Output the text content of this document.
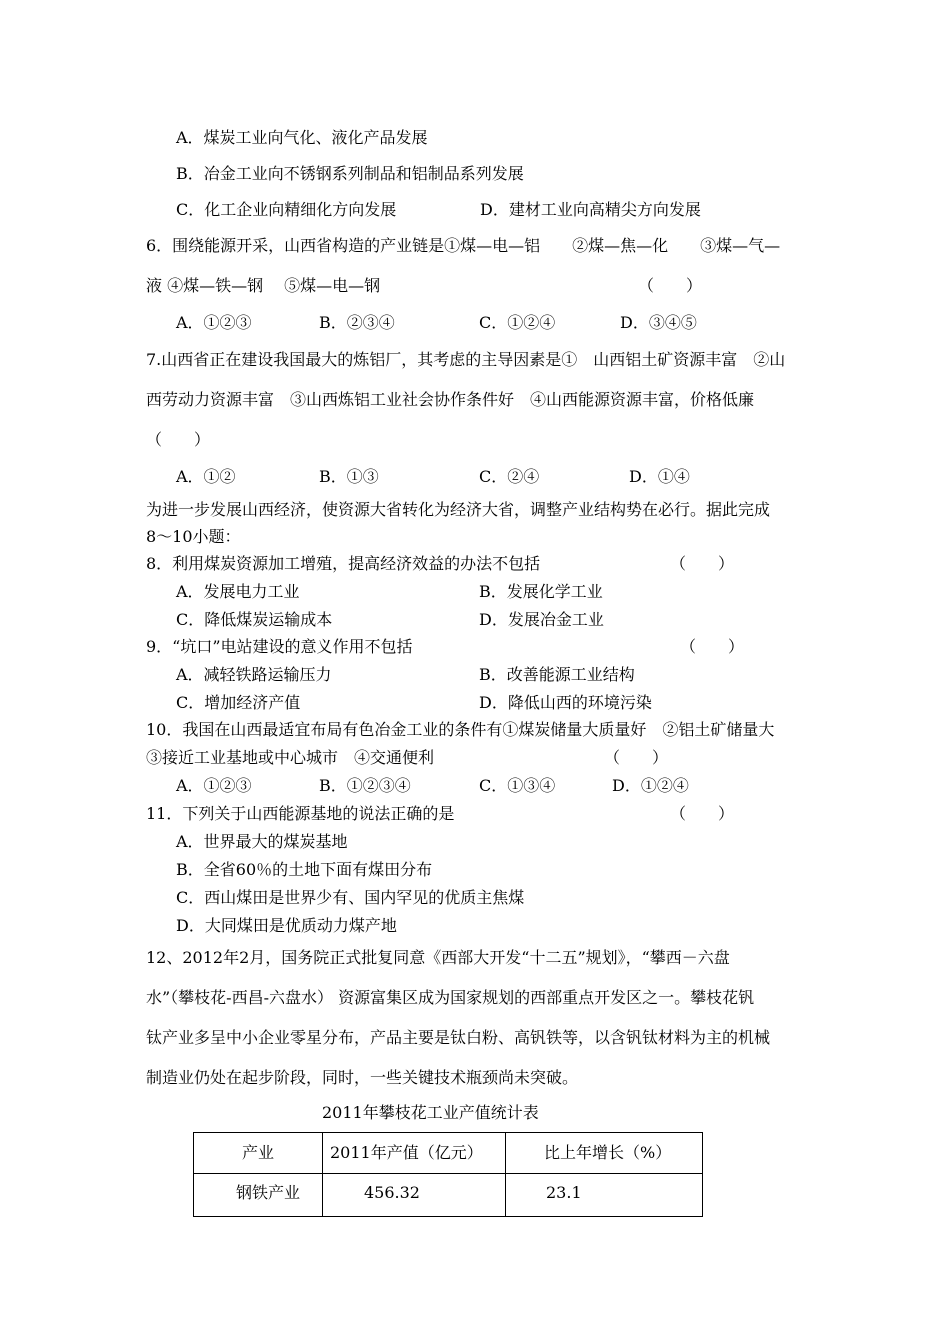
A．煤炭工业向气化、液化产品发展
B．冶金工业向不锈钢系列制品和铝制品系列发展
C．化工企业向精细化方向发展	D．建材工业向高精尖方向发展
6．围绕能源开采，山西省构造的产业链是①煤—电—铝　　②煤—焦—化　　③煤—气—
液 ④煤—铁—钢　 ⑤煤—电—钢	（　　）
A．①②③	B．②③④	C．①②④	D．③④⑤
7.山西省正在建设我国最大的炼铝厂，其考虑的主导因素是①　山西铝土矿资源丰富　②山
西劳动力资源丰富　③山西炼铝工业社会协作条件好　④山西能源资源丰富，价格低廉
（　　）
A．①②	B．①③	C．②④	D．①④
为进一步发展山西经济，使资源大省转化为经济大省，调整产业结构势在必行。据此完成
8～10小题：
8．利用煤炭资源加工增殖，提高经济效益的办法不包括	（　　）
A．发展电力工业	B．发展化学工业
C．降低煤炭运输成本	D．发展冶金工业
9．“坑口”电站建设的意义作用不包括	（　　）
A．减轻铁路运输压力	B．改善能源工业结构
C．增加经济产值	D．降低山西的环境污染
10．我国在山西最适宜布局有色冶金工业的条件有①煤炭储量大质量好　②铝土矿储量大
③接近工业基地或中心城市　④交通便利	（　　）
A．①②③	B．①②③④	C．①③④	D．①②④
11．下列关于山西能源基地的说法正确的是	（　　）
A．世界最大的煤炭基地
B．全省60％的土地下面有煤田分布
C．西山煤田是世界少有、国内罕见的优质主焦煤
D．大同煤田是优质动力煤产地
12、2012年2月，国务院正式批复同意《西部大开发“十二五”规划》，“攀西－六盘
水”（攀枝花-西昌-六盘水） 资源富集区成为国家规划的西部重点开发区之一。攀枝花钒
钛产业多呈中小企业零星分布，产品主要是钛白粉、高钒铁等，以含钒钛材料为主的机械
制造业仍处在起步阶段，同时，一些关键技术瓶颈尚未突破。
2011年攀枝花工业产值统计表
产业	2011年产值（亿元）	比上年增长（%）
钢铁产业	456.32	23.1
